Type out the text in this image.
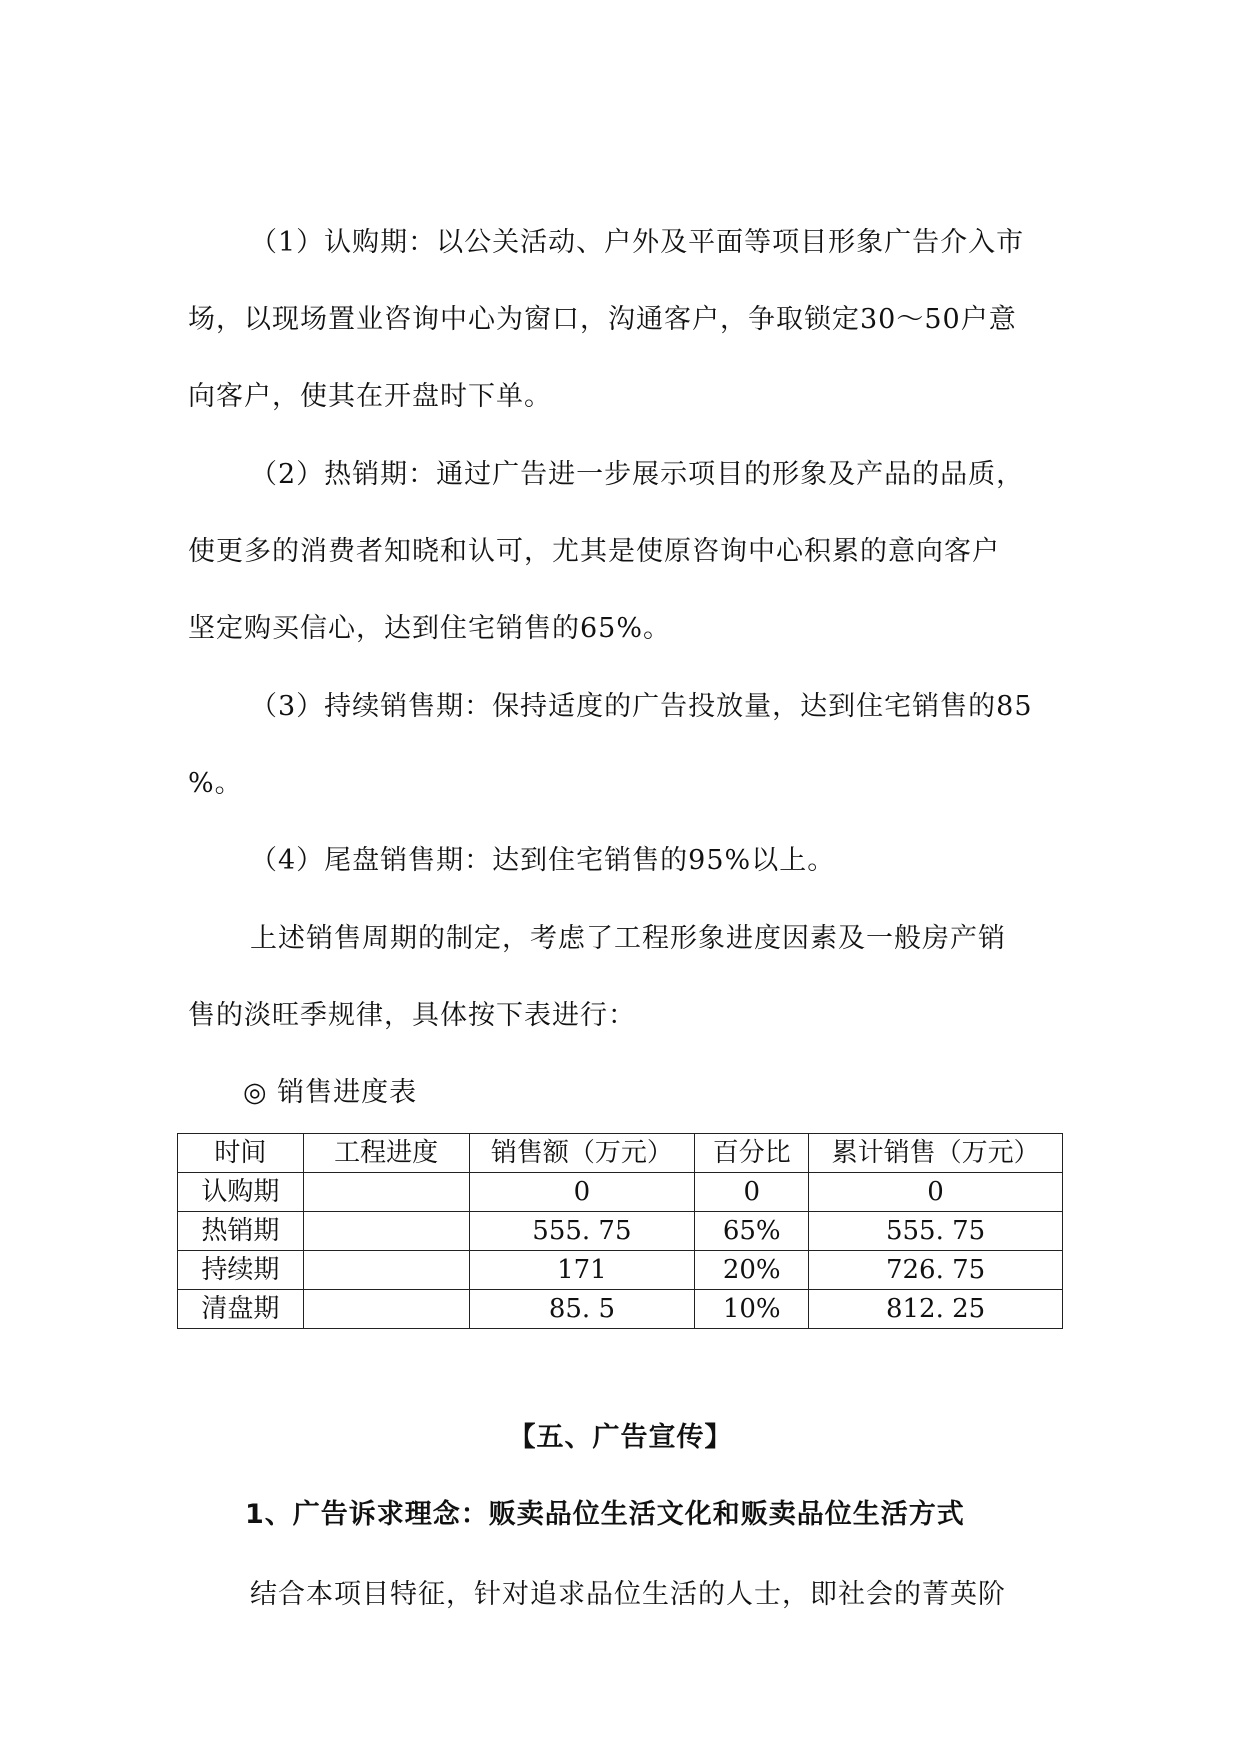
（1）认购期：以公关活动、户外及平面等项目形象广告介入市
场，以现场置业咨询中心为窗口，沟通客户，争取锁定30～50户意
向客户，使其在开盘时下单。
（2）热销期：通过广告进一步展示项目的形象及产品的品质，
使更多的消费者知晓和认可，尤其是使原咨询中心积累的意向客户
坚定购买信心，达到住宅销售的65%。
（3）持续销售期：保持适度的广告投放量，达到住宅销售的85
%。
（4）尾盘销售期：达到住宅销售的95%以上。
上述销售周期的制定，考虑了工程形象进度因素及一般房产销
售的淡旺季规律，具体按下表进行：
◎ 销售进度表
时间	工程进度	销售额（万元）	百分比	累计销售（万元）
认购期		0	0	0
热销期		555. 75	65%	555. 75
持续期		171	20%	726. 75
清盘期		85. 5	10%	812. 25
【五、广告宣传】
1、广告诉求理念：贩卖品位生活文化和贩卖品位生活方式
结合本项目特征，针对追求品位生活的人士，即社会的菁英阶
